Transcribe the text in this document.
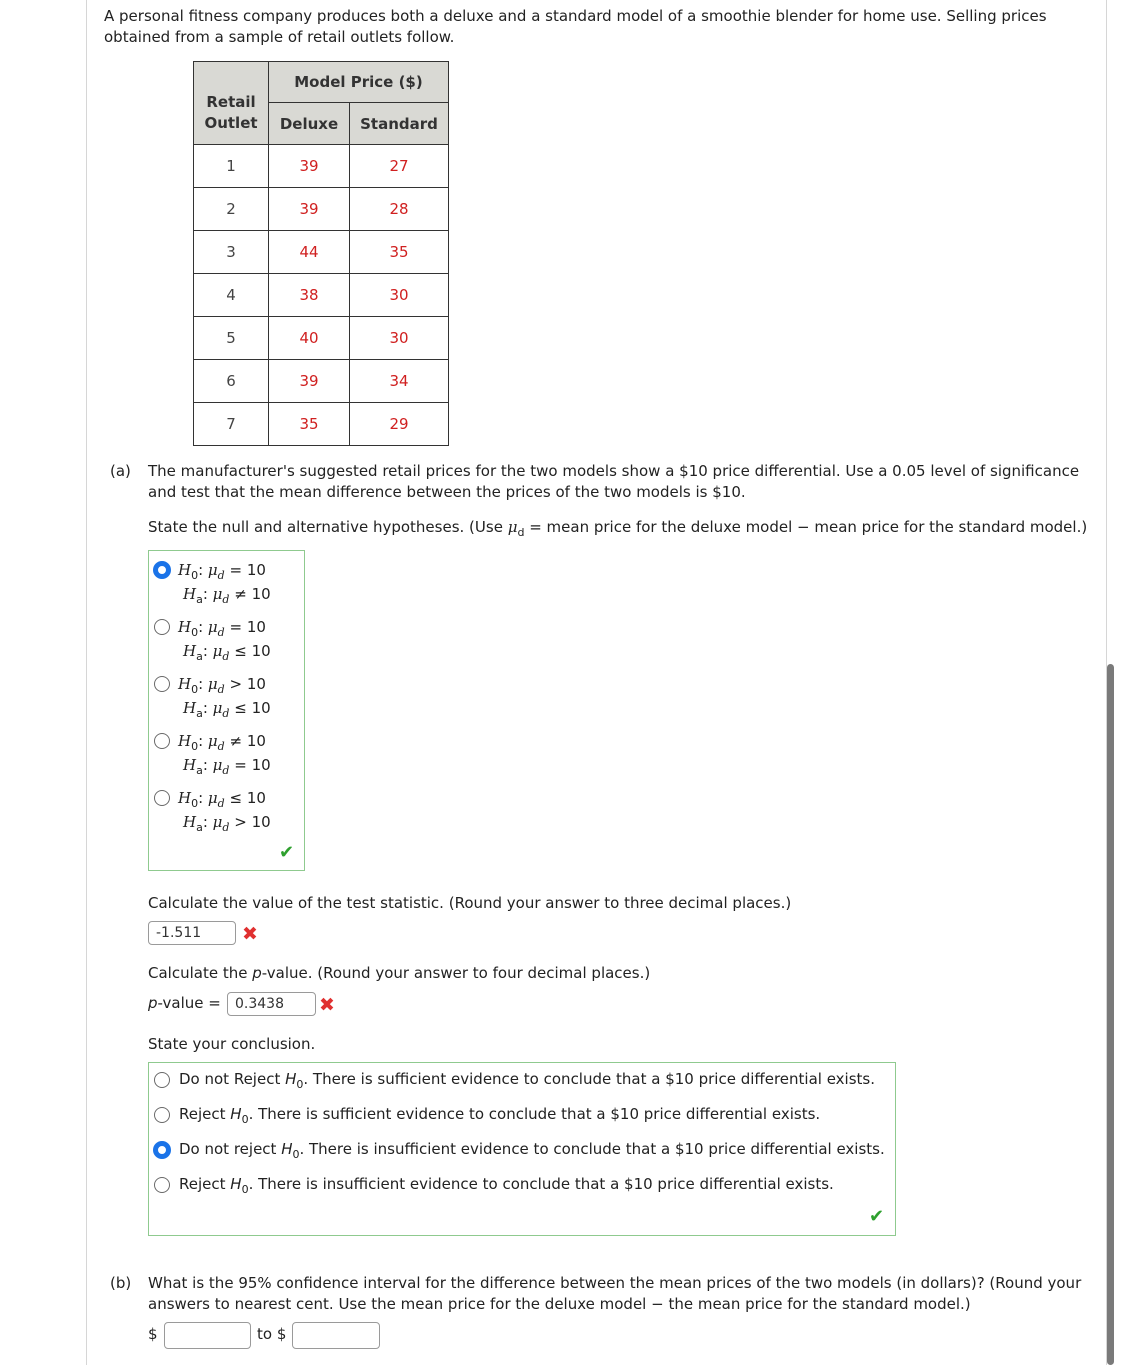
A personal fitness company produces both a deluxe and a standard model of a smoothie blender for home use. Selling prices obtained from a sample of retail outlets follow.
Retail
Outlet	Model Price ($)	
	Deluxe	Standard
1	39	27
2	39	28
3	44	35
4	38	30
5	40	30
6	39	34
7	35	29
(a) The manufacturer's suggested retail prices for the two models show a $10 price differential. Use a 0.05 level of significance and test that the mean difference between the prices of the two models is $10.
State the null and alternative hypotheses. (Use $\mu_d$ = mean price for the deluxe model − mean price for the standard model.)
$H_0$: $\mu_d = 10$
$H_a$: $\mu_d \ne 10$
$H_0$: $\mu_d = 10$
$H_a$: $\mu_d \le 10$
$H_0$: $\mu_d > 10$
$H_a$: $\mu_d \le 10$
$H_0$: $\mu_d \ne 10$
$H_a$: $\mu_d = 10$
$H_0$: $\mu_d \le 10$
$H_a$: $\mu_d > 10$
✔
Calculate the value of the test statistic. (Round your answer to three decimal places.)
-1.511	✖
Calculate the p-value. (Round your answer to four decimal places.)
p-value =	0.3438	✖
State your conclusion.
Do not Reject $H_0$. There is sufficient evidence to conclude that a $10 price differential exists.
Reject $H_0$. There is sufficient evidence to conclude that a $10 price differential exists.
Do not reject $H_0$. There is insufficient evidence to conclude that a $10 price differential exists.
Reject $H_0$. There is insufficient evidence to conclude that a $10 price differential exists.
✔
(b) What is the 95% confidence interval for the difference between the mean prices of the two models (in dollars)? (Round your answers to nearest cent. Use the mean price for the deluxe model − the mean price for the standard model.)
$	to $
